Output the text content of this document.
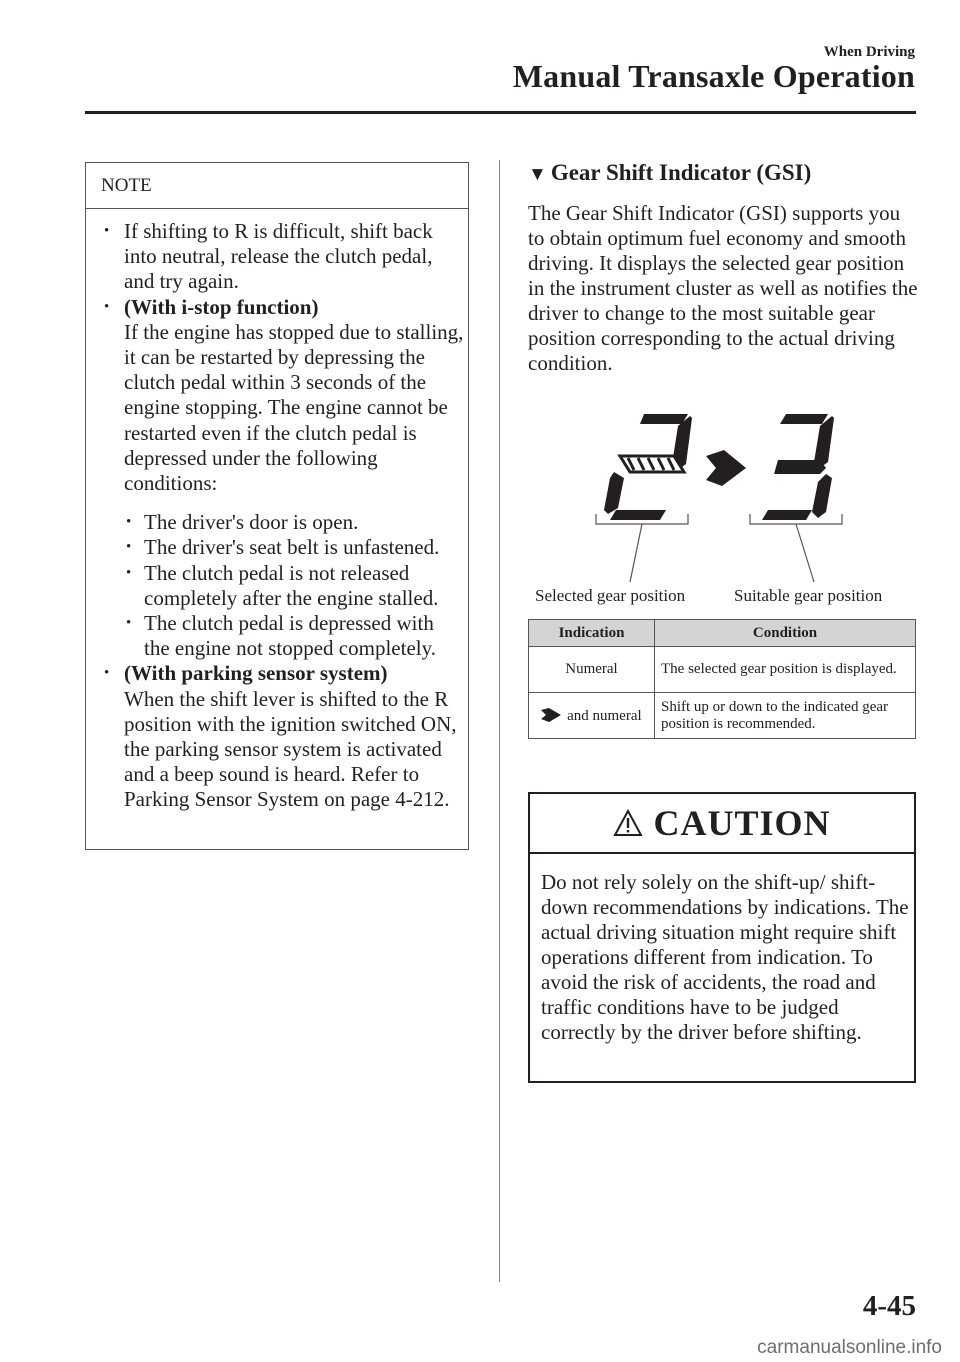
When Driving
Manual Transaxle Operation
NOTE
• If shifting to R is difficult, shift back into neutral, release the clutch pedal, and try again.
• (With i-stop function)
If the engine has stopped due to stalling, it can be restarted by depressing the clutch pedal within 3 seconds of the engine stopping. The engine cannot be restarted even if the clutch pedal is depressed under the following conditions:
• The driver's door is open.
• The driver's seat belt is unfastened.
• The clutch pedal is not released completely after the engine stalled.
• The clutch pedal is depressed with the engine not stopped completely.
• (With parking sensor system)
When the shift lever is shifted to the R position with the ignition switched ON, the parking sensor system is activated and a beep sound is heard. Refer to Parking Sensor System on page 4-212.
▼ Gear Shift Indicator (GSI)
The Gear Shift Indicator (GSI) supports you to obtain optimum fuel economy and smooth driving. It displays the selected gear position in the instrument cluster as well as notifies the driver to change to the most suitable gear position corresponding to the actual driving condition.
Selected gear position	Suitable gear position
Indication	Condition
Numeral	The selected gear position is displayed.
and numeral	Shift up or down to the indicated gear position is recommended.
CAUTION
Do not rely solely on the shift-up/ shift-down recommendations by indications. The actual driving situation might require shift operations different from indication. To avoid the risk of accidents, the road and traffic conditions have to be judged correctly by the driver before shifting.
4-45
carmanualsonline.info
